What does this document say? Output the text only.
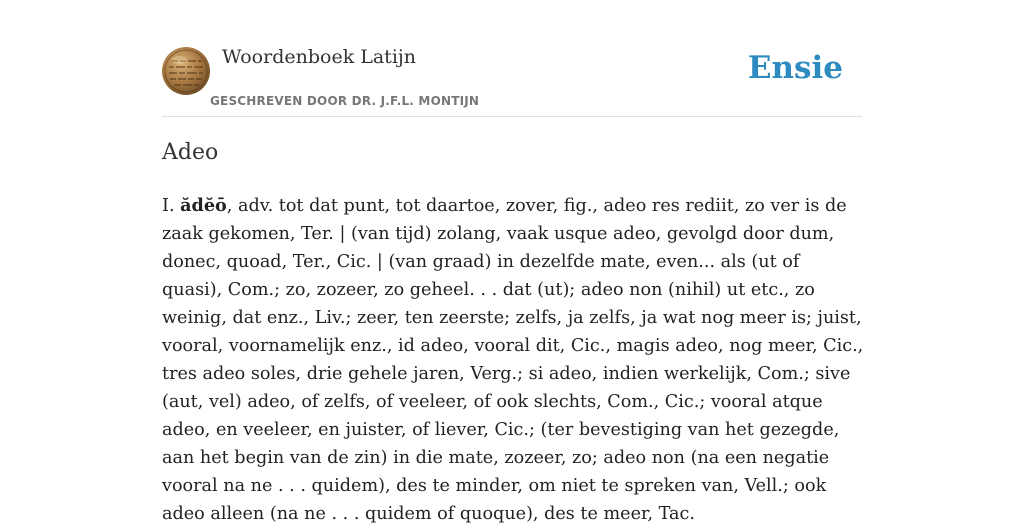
Woordenboek Latijn
GESCHREVEN DOOR DR. J.F.L. MONTIJN
Ensie
Adeo

I. ădĕō, adv. tot dat punt, tot daartoe, zover, fig., adeo res rediit, zo ver is de zaak gekomen, Ter. | (van tijd) zolang, vaak usque adeo, gevolgd door dum, donec, quoad, Ter., Cic. | (van graad) in dezelfde mate, even... als (ut of quasi), Com.; zo, zozeer, zo geheel. . . dat (ut); adeo non (nihil) ut etc., zo weinig, dat enz., Liv.; zeer, ten zeerste; zelfs, ja zelfs, ja wat nog meer is; juist, vooral, voornamelijk enz., id adeo, vooral dit, Cic., magis adeo, nog meer, Cic., tres adeo soles, drie gehele jaren, Verg.; si adeo, indien werkelijk, Com.; sive (aut, vel) adeo, of zelfs, of veeleer, of ook slechts, Com., Cic.; vooral atque adeo, en veeleer, en juister, of liever, Cic.; (ter bevestiging van het gezegde, aan het begin van de zin) in die mate, zozeer, zo; adeo non (na een negatie vooral na ne . . . quidem), des te minder, om niet te spreken van, Vell.; ook adeo alleen (na ne . . . quidem of quoque), des te meer, Tac.
